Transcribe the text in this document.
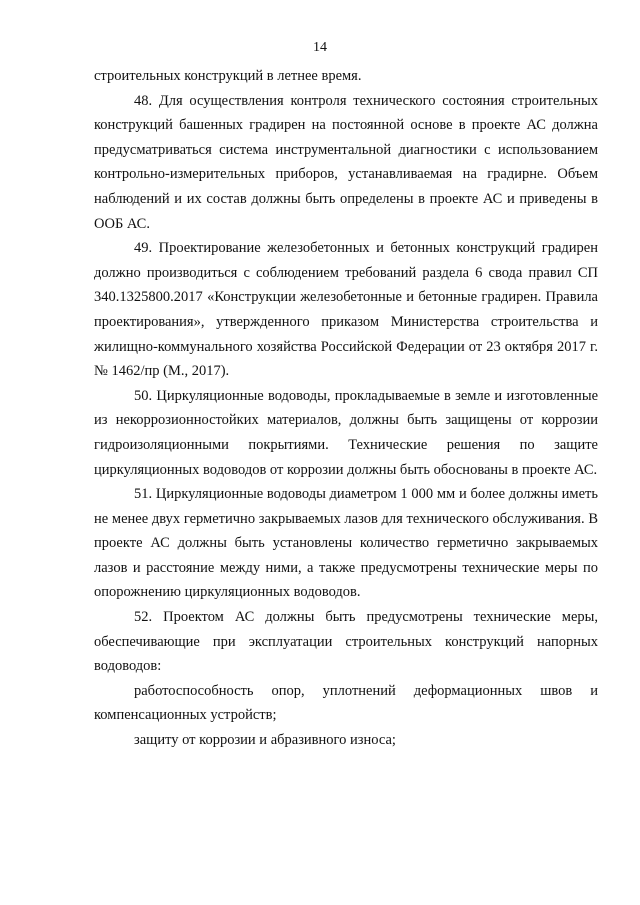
14

строительных конструкций в летнее время.

48. Для осуществления контроля технического состояния строительных конструкций башенных градирен на постоянной основе в проекте АС должна предусматриваться система инструментальной диагностики с использованием контрольно-измерительных приборов, устанавливаемая на градирне. Объем наблюдений и их состав должны быть определены в проекте АС и приведены в ООБ АС.

49. Проектирование железобетонных и бетонных конструкций градирен должно производиться с соблюдением требований раздела 6 свода правил СП 340.1325800.2017 «Конструкции железобетонные и бетонные градирен. Правила проектирования», утвержденного приказом Министерства строительства и жилищно-коммунального хозяйства Российской Федерации от 23 октября 2017 г. № 1462/пр (М., 2017).

50. Циркуляционные водоводы, прокладываемые в земле и изготовленные из некоррозионностойких материалов, должны быть защищены от коррозии гидроизоляционными покрытиями. Технические решения по защите циркуляционных водоводов от коррозии должны быть обоснованы в проекте АС.

51. Циркуляционные водоводы диаметром 1 000 мм и более должны иметь не менее двух герметично закрываемых лазов для технического обслуживания. В проекте АС должны быть установлены количество герметично закрываемых лазов и расстояние между ними, а также предусмотрены технические меры по опорожнению циркуляционных водоводов.

52. Проектом АС должны быть предусмотрены технические меры, обеспечивающие при эксплуатации строительных конструкций напорных водоводов:

работоспособность опор, уплотнений деформационных швов и компенсационных устройств;

защиту от коррозии и абразивного износа;
